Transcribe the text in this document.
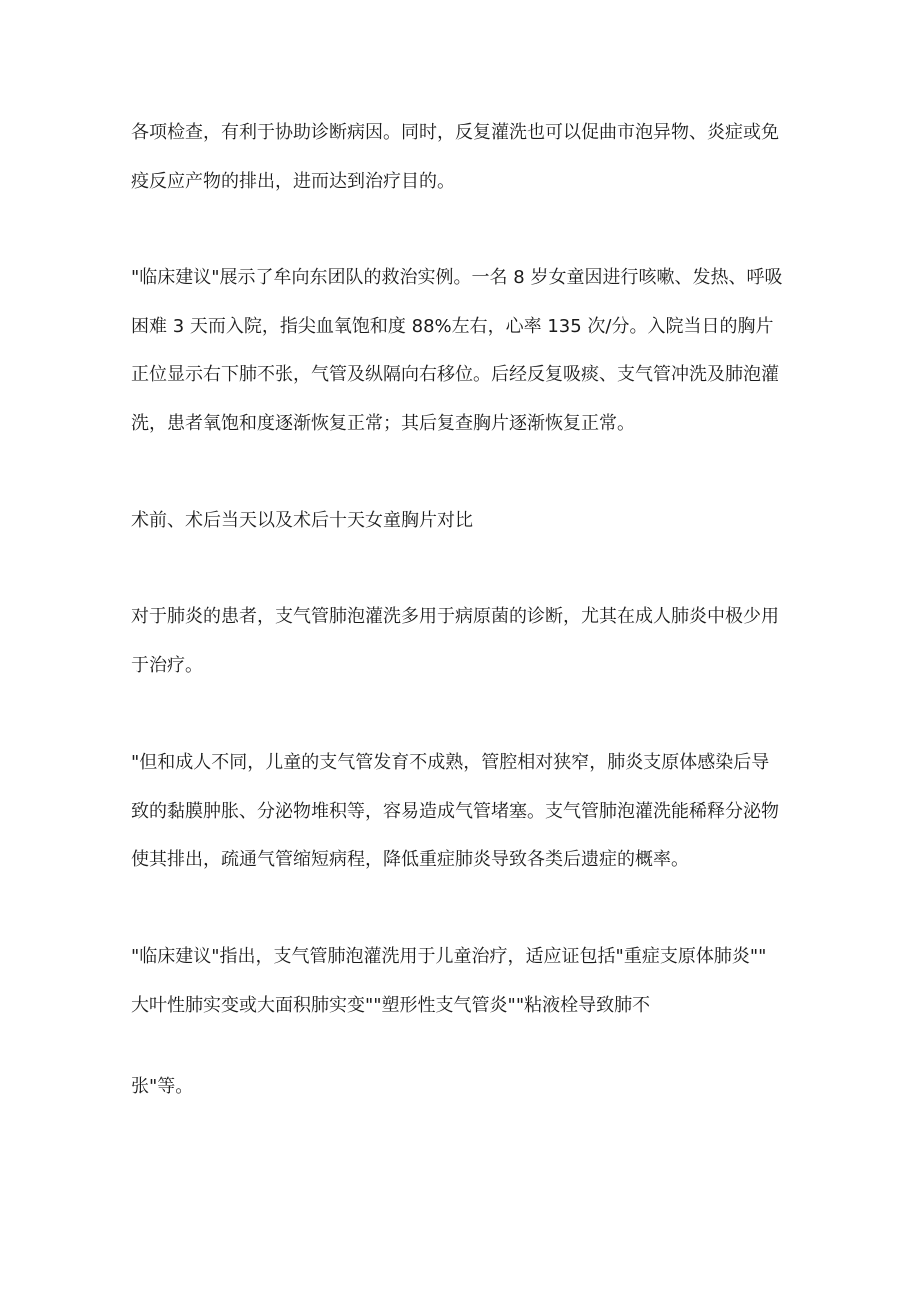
各项检查，有利于协助诊断病因。同时，反复灌洗也可以促曲市泡异物、炎症或免

疫反应产物的排出，进而达到治疗目的。

"临床建议"展示了牟向东团队的救治实例。一名 8 岁女童因进行咳嗽、发热、呼吸

困难 3 天而入院，指尖血氧饱和度 88%左右，心率 135 次/分。入院当日的胸片

正位显示右下肺不张，气管及纵隔向右移位。后经反复吸痰、支气管冲洗及肺泡灌

洗，患者氧饱和度逐渐恢复正常；其后复查胸片逐渐恢复正常。

术前、术后当天以及术后十天女童胸片对比

对于肺炎的患者，支气管肺泡灌洗多用于病原菌的诊断，尤其在成人肺炎中极少用

于治疗。

"但和成人不同，儿童的支气管发育不成熟，管腔相对狭窄，肺炎支原体感染后导

致的黏膜肿胀、分泌物堆积等，容易造成气管堵塞。支气管肺泡灌洗能稀释分泌物

使其排出，疏通气管缩短病程，降低重症肺炎导致各类后遗症的概率。

"临床建议"指出，支气管肺泡灌洗用于儿童治疗，适应证包括"重症支原体肺炎""

大叶性肺实变或大面积肺实变""塑形性支气管炎""粘液栓导致肺不

张"等。
